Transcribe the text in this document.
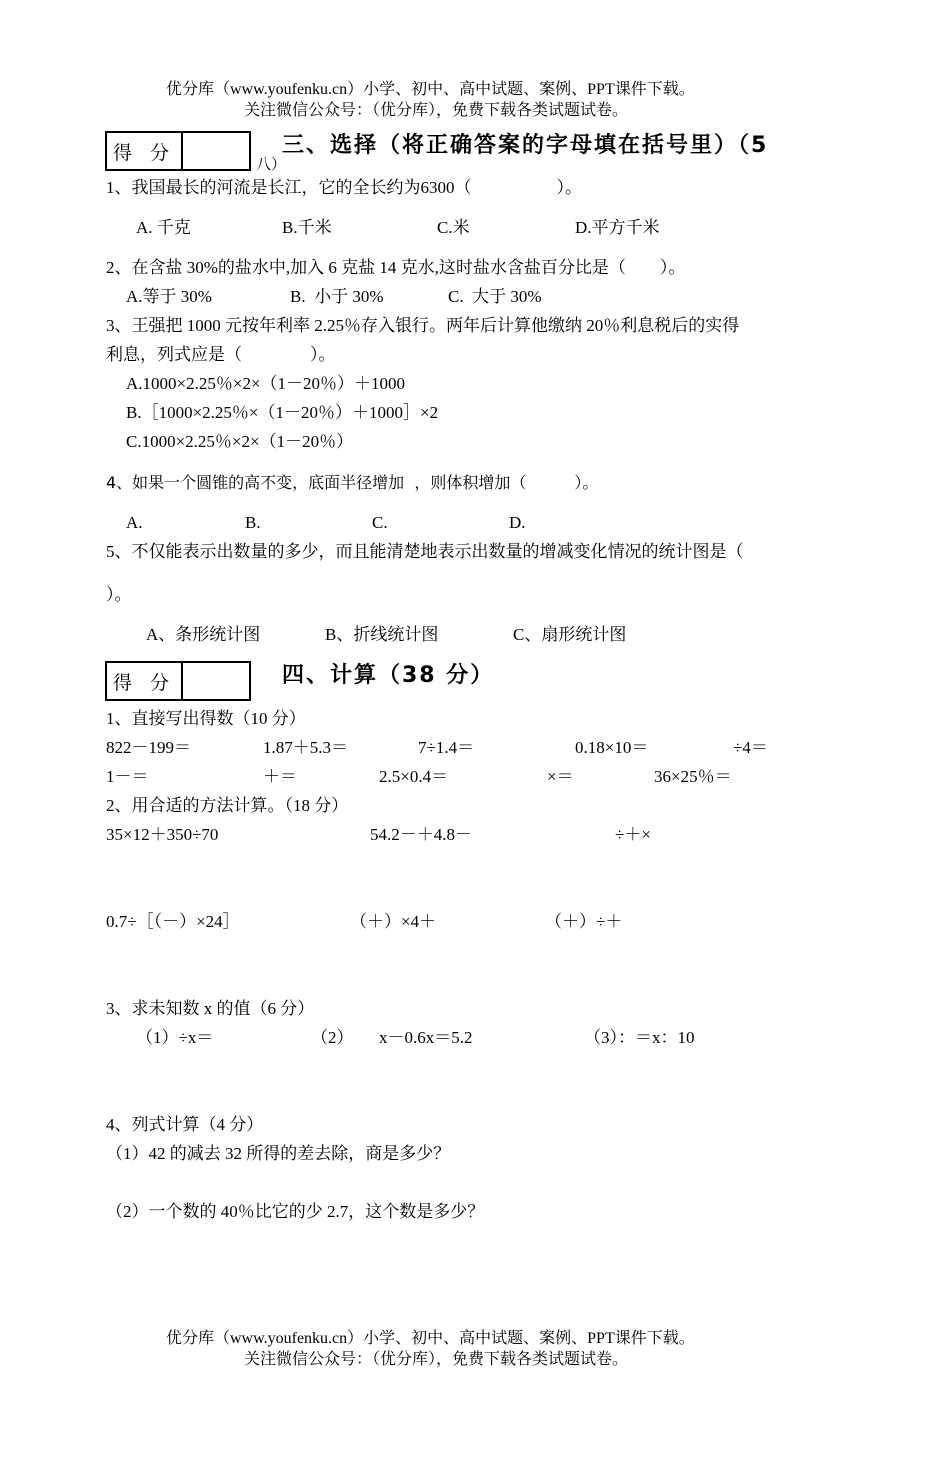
优分库（www.youfenku.cn）小学、初中、高中试题、案例、PPT课件下载。
关注微信公众号：（优分库），免费下载各类试题试卷。
得 分	三、选择（将正确答案的字母填在括号里）（5
八）
1、我国最长的河流是长江，它的全长约为6300（　　　　　）。
A. 千克	B.千米	C.米	D.平方千米
2、在含盐 30%的盐水中,加入 6 克盐 14 克水,这时盐水含盐百分比是（　　）。
A.等于 30%	B.  小于 30%	C.  大于 30%
3、王强把 1000 元按年利率 2.25％存入银行。两年后计算他缴纳 20％利息税后的实得
利息，列式应是（　　　　）。
A.1000×2.25％×2×（1－20％）＋1000
B.［1000×2.25％×（1－20％）＋1000］×2
C.1000×2.25％×2×（1－20％）
4、如果一个圆锥的高不变，底面半径增加  ，则体积增加（　　　）。
A.	B.	C.	D.
5、不仅能表示出数量的多少，而且能清楚地表示出数量的增减变化情况的统计图是（
）。
A、条形统计图	B、折线统计图	C、扇形统计图
得 分	四、计算（38 分）
1、直接写出得数（10 分）
822－199＝	1.87＋5.3＝	7÷1.4＝	0.18×10＝	÷4＝
1－＝	＋＝	2.5×0.4＝	×＝	36×25％＝
2、用合适的方法计算。（18 分）
35×12＋350÷70	54.2－＋4.8－	÷＋×
0.7÷［（－）×24］	（＋）×4＋	（＋）÷＋
3、求未知数 x 的值（6 分）
（1）÷x＝	（2） x－0.6x＝5.2	（3）：＝x：10
4、列式计算（4 分）
（1）42 的减去 32 所得的差去除，商是多少？
（2）一个数的 40％比它的少 2.7，这个数是多少？
优分库（www.youfenku.cn）小学、初中、高中试题、案例、PPT课件下载。
关注微信公众号：（优分库），免费下载各类试题试卷。
